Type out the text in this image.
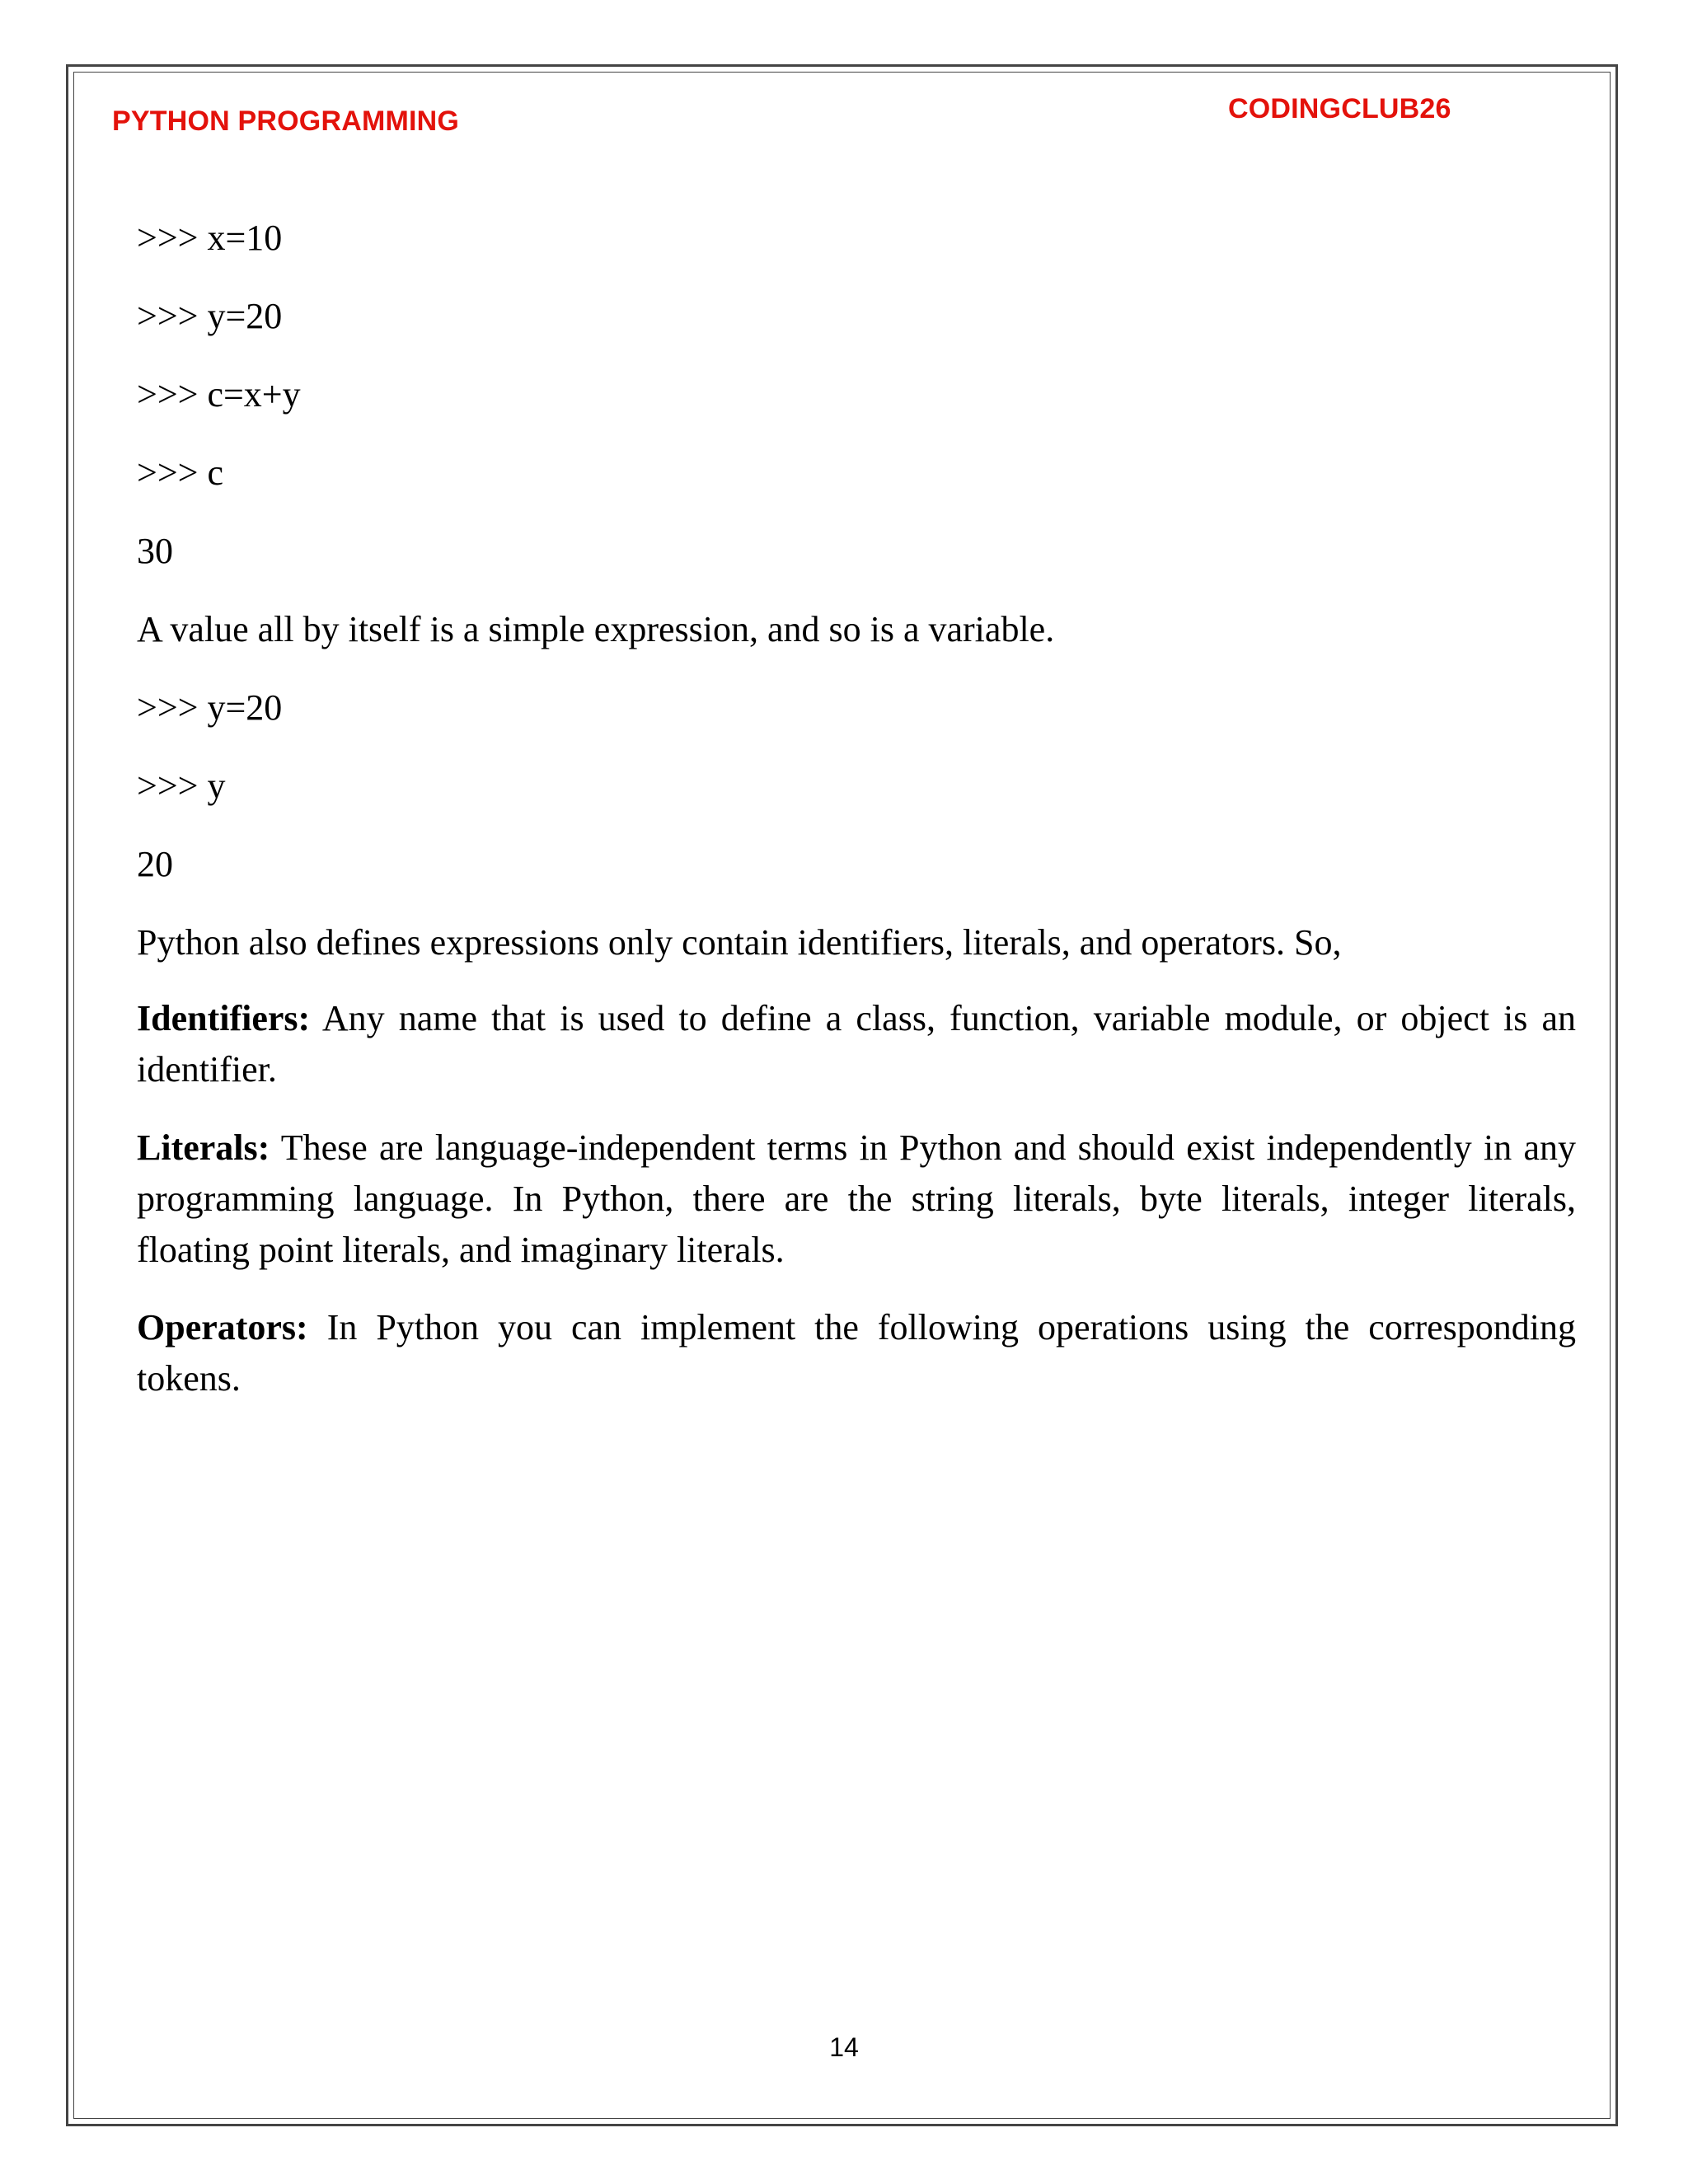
PYTHON PROGRAMMING	CODINGCLUB26
>>> x=10
>>> y=20
>>> c=x+y
>>> c
30
A value all by itself is a simple expression, and so is a variable.
>>> y=20
>>> y
20
Python also defines expressions only contain identifiers, literals, and operators. So,
Identifiers: Any name that is used to define a class, function, variable module, or object is an identifier.
Literals: These are language-independent terms in Python and should exist independently in any programming language. In Python, there are the string literals, byte literals, integer literals, floating point literals, and imaginary literals.
Operators: In Python you can implement the following operations using the corresponding tokens.
14
